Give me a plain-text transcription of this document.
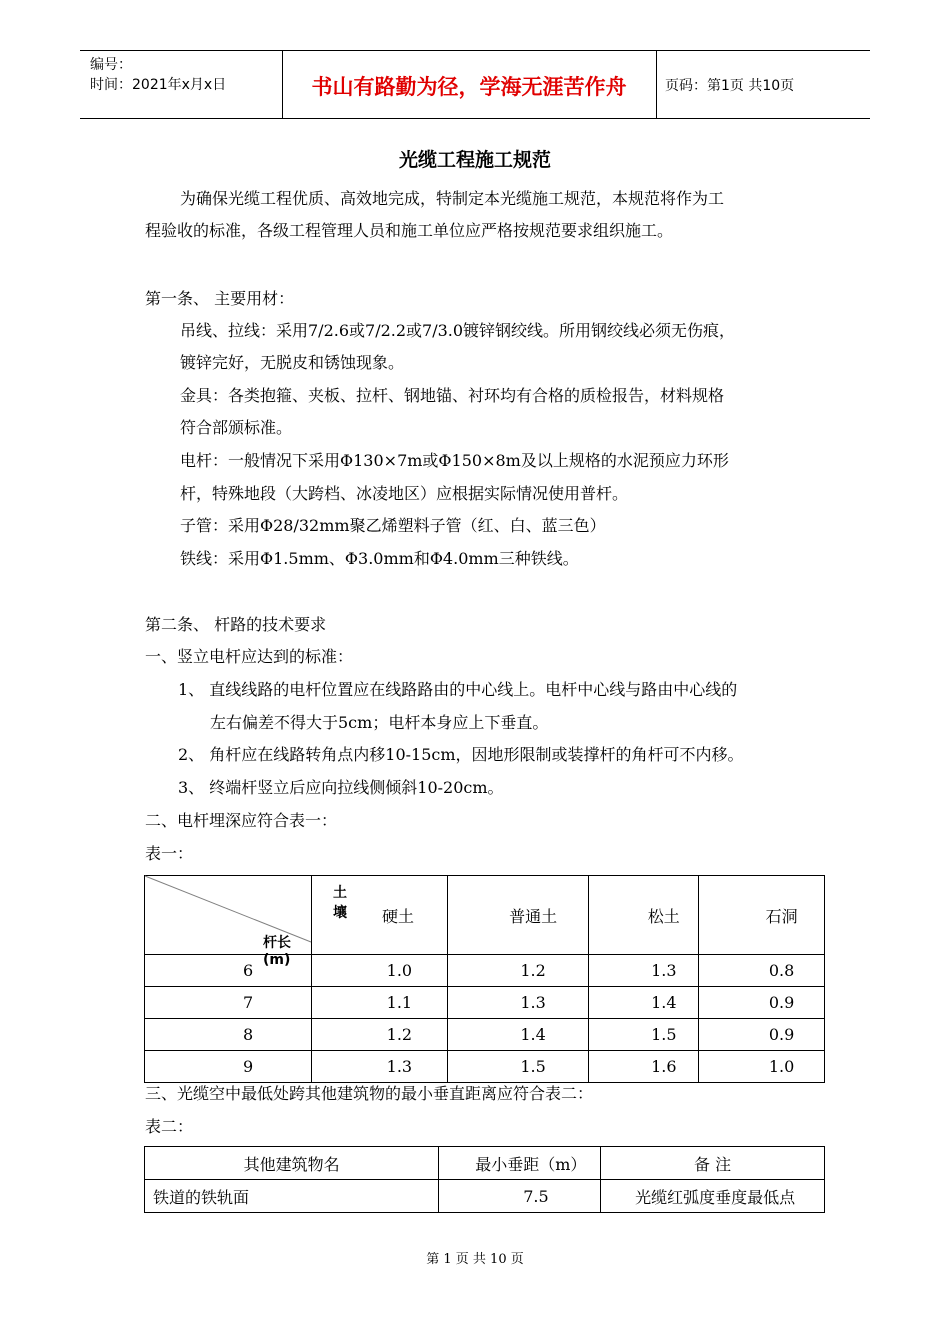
编号：
时间：2021年x月x日	书山有路勤为径，学海无涯苦作舟	页码：第1页 共10页
光缆工程施工规范
为确保光缆工程优质、高效地完成，特制定本光缆施工规范，本规范将作为工
程验收的标准，各级工程管理人员和施工单位应严格按规范要求组织施工。
第一条、 主要用材：
吊线、拉线：采用7/2.6或7/2.2或7/3.0镀锌钢绞线。所用钢绞线必须无伤痕，
镀锌完好，无脱皮和锈蚀现象。
金具：各类抱箍、夹板、拉杆、钢地锚、衬环均有合格的质检报告，材料规格
符合部颁标准。
电杆：一般情况下采用Φ130×7m或Φ150×8m及以上规格的水泥预应力环形
杆，特殊地段（大跨档、冰凌地区）应根据实际情况使用普杆。
子管：采用Φ28/32mm聚乙烯塑料子管（红、白、蓝三色）
铁线：采用Φ1.5mm、Φ3.0mm和Φ4.0mm三种铁线。
第二条、 杆路的技术要求
一、竖立电杆应达到的标准：
1、 直线线路的电杆位置应在线路路由的中心线上。电杆中心线与路由中心线的
左右偏差不得大于5cm；电杆本身应上下垂直。
2、 角杆应在线路转角点内移10-15cm，因地形限制或装撑杆的角杆可不内移。
3、 终端杆竖立后应向拉线侧倾斜10-20cm。
二、电杆埋深应符合表一：
表一：
杆长(m)
土 壤	硬土	普通土	松土	石洞
6	1.0	1.2	1.3	0.8
7	1.1	1.3	1.4	0.9
8	1.2	1.4	1.5	0.9
9	1.3	1.5	1.6	1.0
三、光缆空中最低处跨其他建筑物的最小垂直距离应符合表二：
表二：
其他建筑物名	最小垂距（m）	备 注
铁道的铁轨面	7.5	光缆红弧度垂度最低点
第 1 页 共 10 页
